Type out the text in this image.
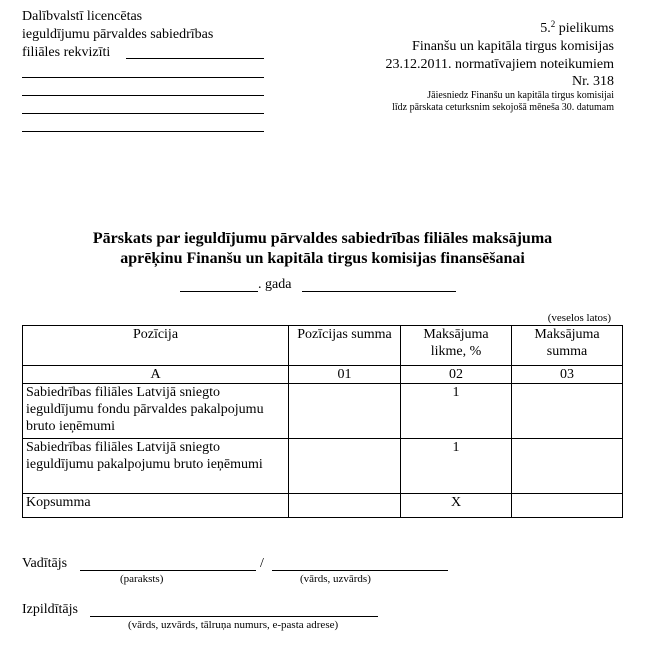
Dalībvalstī licencētas
ieguldījumu pārvaldes sabiedrības
filiāles rekvizīti
5.$^2$ pielikums
Finanšu un kapitāla tirgus komisijas
23.12.2011. normatīvajiem noteikumiem
Nr. 318
Jāiesniedz Finanšu un kapitāla tirgus komisijai
līdz pārskata ceturksnim sekojošā mēneša 30. datumam
Pārskats par ieguldījumu pārvaldes sabiedrības filiāles maksājuma
aprēķinu Finanšu un kapitāla tirgus komisijas finansēšanai
. gada
(veselos latos)
Pozīcija	Pozīcijas summa	Maksājuma likme, %	Maksājuma summa
A	01	02	03
Sabiedrības filiāles Latvijā sniegto ieguldījumu fondu pārvaldes pakalpojumu bruto ieņēmumi		1	
Sabiedrības filiāles Latvijā sniegto ieguldījumu pakalpojumu bruto ieņēmumi		1	
Kopsumma		X	
Vadītājs	/
(paraksts)	(vārds, uzvārds)
Izpildītājs
(vārds, uzvārds, tālruņa numurs, e-pasta adrese)
